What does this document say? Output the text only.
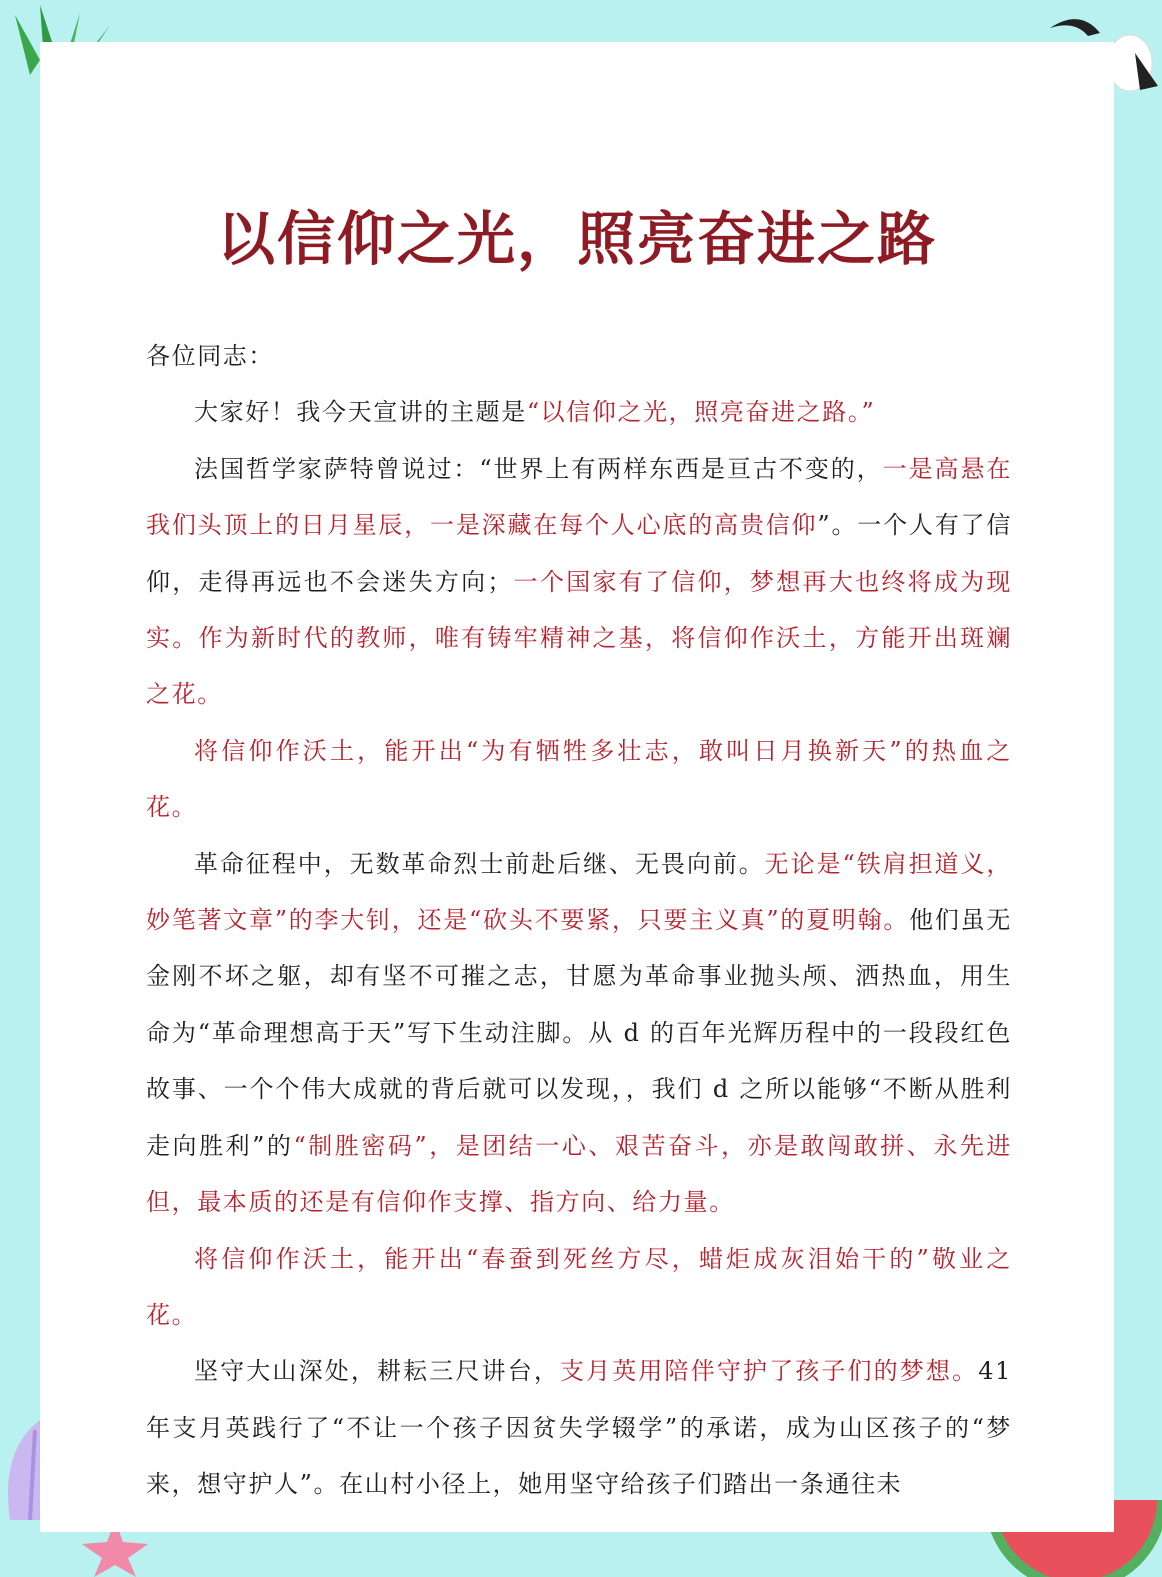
以信仰之光，照亮奋进之路

各位同志：

大家好！我今天宣讲的主题是“以信仰之光，照亮奋进之路。”

法国哲学家萨特曾说过：“世界上有两样东西是亘古不变的，一是高悬在我们头顶上的日月星辰，一是深藏在每个人心底的高贵信仰”。一个人有了信仰，走得再远也不会迷失方向；一个国家有了信仰，梦想再大也终将成为现实。作为新时代的教师，唯有铸牢精神之基，将信仰作沃土，方能开出斑斓之花。

将信仰作沃土，能开出“为有牺牲多壮志，敢叫日月换新天”的热血之花。

革命征程中，无数革命烈士前赴后继、无畏向前。无论是“铁肩担道义，妙笔著文章”的李大钊，还是“砍头不要紧，只要主义真”的夏明翰。他们虽无金刚不坏之躯，却有坚不可摧之志，甘愿为革命事业抛头颅、洒热血，用生命为“革命理想高于天”写下生动注脚。从 d 的百年光辉历程中的一段段红色故事、一个个伟大成就的背后就可以发现，，我们 d 之所以能够“不断从胜利走向胜利”的“制胜密码”，是团结一心、艰苦奋斗，亦是敢闯敢拼、永先进但，最本质的还是有信仰作支撑、指方向、给力量。

将信仰作沃土，能开出“春蚕到死丝方尽，蜡炬成灰泪始干的”敬业之花。

坚守大山深处，耕耘三尺讲台，支月英用陪伴守护了孩子们的梦想。41 年支月英践行了“不让一个孩子因贫失学辍学”的承诺，成为山区孩子的“梦来，想守护人”。在山村小径上，她用坚守给孩子们踏出一条通往未
